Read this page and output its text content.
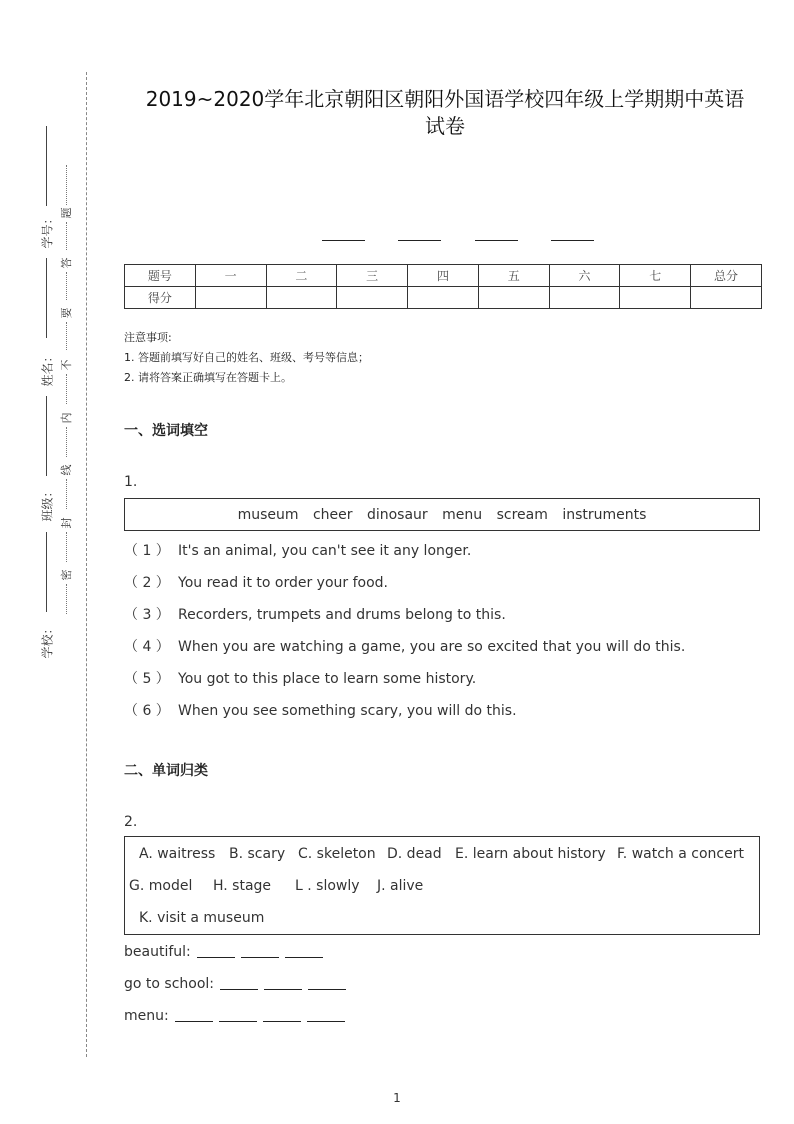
学号：
姓名：
班级：
学校：
题
答
要
不
内
线
封
密
2019~2020学年北京朝阳区朝阳外国语学校四年级上学期期中英语
试卷
题号	一	二	三	四	五	六	七	总分
得分								
注意事项:
1. 答题前填写好自己的姓名、班级、考号等信息；
2. 请将答案正确填写在答题卡上。
一、选词填空
1.
museum cheer dinosaur menu scream instruments
（ 1 ） It's an animal, you can't see it any longer.
（ 2 ） You read it to order your food.
（ 3 ） Recorders, trumpets and drums belong to this.
（ 4 ） When you are watching a game, you are so excited that you will do this.
（ 5 ） You got to this place to learn some history.
（ 6 ） When you see something scary, you will do this.
二、单词归类
2.
A. waitress B. scary C. skeleton D. dead E. learn about history F. watch a concert
G. model H. stage L . slowly J. alive
K. visit a museum
beautiful:
go to school:
menu:
1
